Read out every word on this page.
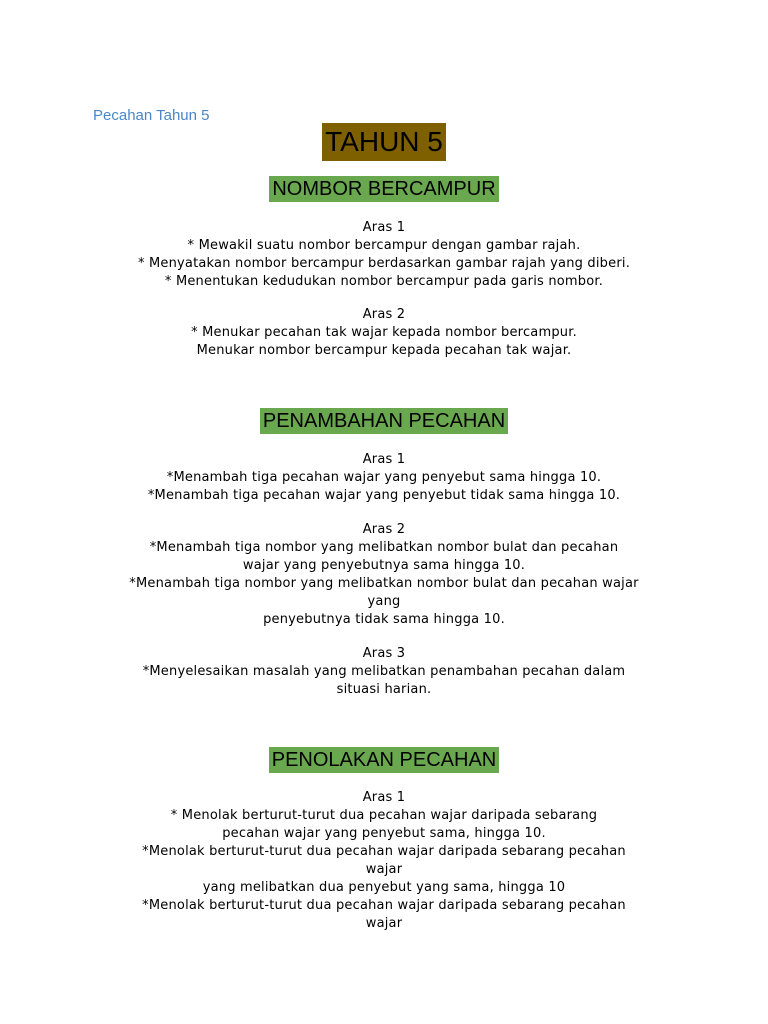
Pecahan Tahun 5
TAHUN 5
NOMBOR BERCAMPUR
Aras 1
* Mewakil suatu nombor bercampur dengan gambar rajah.
* Menyatakan nombor bercampur berdasarkan gambar rajah yang diberi.
* Menentukan kedudukan nombor bercampur pada garis nombor.
Aras 2
* Menukar pecahan tak wajar kepada nombor bercampur.
Menukar nombor bercampur kepada pecahan tak wajar.
PENAMBAHAN PECAHAN
Aras 1
*Menambah tiga pecahan wajar yang penyebut sama hingga 10.
*Menambah tiga pecahan wajar yang penyebut tidak sama hingga 10.
Aras 2
*Menambah tiga nombor yang melibatkan nombor bulat dan pecahan
wajar yang penyebutnya sama hingga 10.
*Menambah tiga nombor yang melibatkan nombor bulat dan pecahan wajar
yang
penyebutnya tidak sama hingga 10.
Aras 3
*Menyelesaikan masalah yang melibatkan penambahan pecahan dalam
situasi harian.
PENOLAKAN PECAHAN
Aras 1
* Menolak berturut-turut dua pecahan wajar daripada sebarang
pecahan wajar yang penyebut sama, hingga 10.
*Menolak berturut-turut dua pecahan wajar daripada sebarang pecahan
wajar
yang melibatkan dua penyebut yang sama, hingga 10
*Menolak berturut-turut dua pecahan wajar daripada sebarang pecahan
wajar
